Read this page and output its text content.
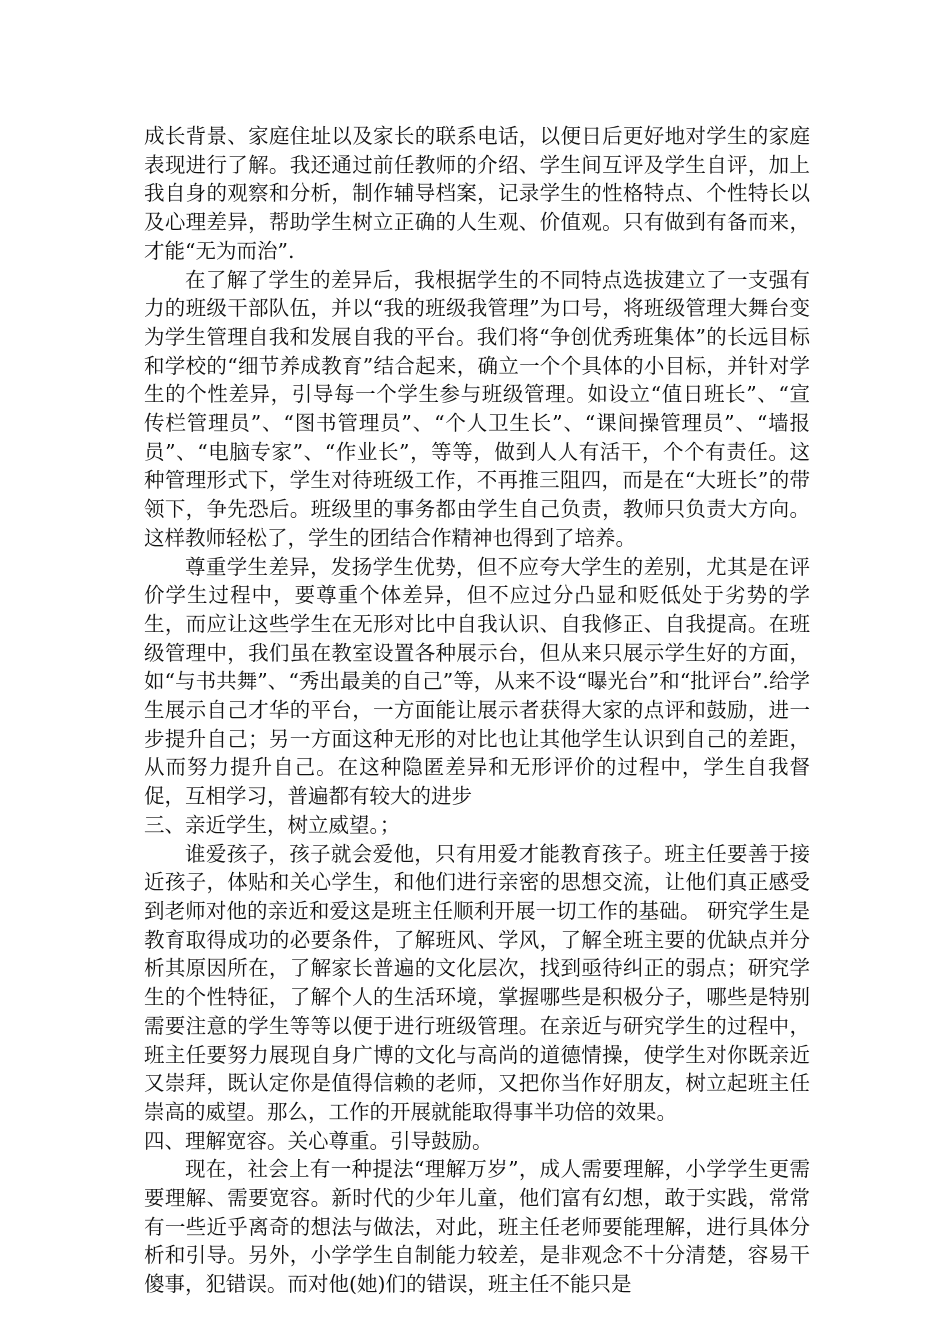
成长背景、家庭住址以及家长的联系电话，以便日后更好地对学生的家庭表现进行了解。我还通过前任教师的介绍、学生间互评及学生自评，加上我自身的观察和分析，制作辅导档案，记录学生的性格特点、个性特长以及心理差异，帮助学生树立正确的人生观、价值观。只有做到有备而来，才能“无为而治”.

在了解了学生的差异后，我根据学生的不同特点选拔建立了一支强有力的班级干部队伍，并以“我的班级我管理”为口号，将班级管理大舞台变为学生管理自我和发展自我的平台。我们将“争创优秀班集体”的长远目标和学校的“细节养成教育”结合起来，确立一个个具体的小目标，并针对学生的个性差异，引导每一个学生参与班级管理。如设立“值日班长”、“宣传栏管理员”、“图书管理员”、“个人卫生长”、“课间操管理员”、“墙报员”、“电脑专家”、“作业长”，等等，做到人人有活干，个个有责任。这种管理形式下，学生对待班级工作，不再推三阻四，而是在“大班长”的带领下，争先恐后。班级里的事务都由学生自己负责，教师只负责大方向。这样教师轻松了，学生的团结合作精神也得到了培养。

尊重学生差异，发扬学生优势，但不应夸大学生的差别，尤其是在评价学生过程中，要尊重个体差异，但不应过分凸显和贬低处于劣势的学生，而应让这些学生在无形对比中自我认识、自我修正、自我提高。在班级管理中，我们虽在教室设置各种展示台，但从来只展示学生好的方面，如“与书共舞”、“秀出最美的自己”等，从来不设“曝光台”和“批评台”.给学生展示自己才华的平台，一方面能让展示者获得大家的点评和鼓励，进一步提升自己；另一方面这种无形的对比也让其他学生认识到自己的差距，从而努力提升自己。在这种隐匿差异和无形评价的过程中，学生自我督促，互相学习，普遍都有较大的进步

三、亲近学生，树立威望。；

谁爱孩子，孩子就会爱他，只有用爱才能教育孩子。班主任要善于接近孩子，体贴和关心学生，和他们进行亲密的思想交流，让他们真正感受到老师对他的亲近和爱这是班主任顺利开展一切工作的基础。 研究学生是教育取得成功的必要条件，了解班风、学风，了解全班主要的优缺点并分析其原因所在，了解家长普遍的文化层次，找到亟待纠正的弱点；研究学生的个性特征，了解个人的生活环境，掌握哪些是积极分子，哪些是特别需要注意的学生等等以便于进行班级管理。在亲近与研究学生的过程中，班主任要努力展现自身广博的文化与高尚的道德情操，使学生对你既亲近又崇拜，既认定你是值得信赖的老师，又把你当作好朋友，树立起班主任崇高的威望。那么，工作的开展就能取得事半功倍的效果。

四、理解宽容。关心尊重。引导鼓励。

现在，社会上有一种提法“理解万岁”，成人需要理解，小学学生更需要理解、需要宽容。新时代的少年儿童，他们富有幻想，敢于实践，常常有一些近乎离奇的想法与做法，对此，班主任老师要能理解，进行具体分析和引导。另外，小学学生自制能力较差，是非观念不十分清楚，容易干傻事，犯错误。而对他(她)们的错误，班主任不能只是
